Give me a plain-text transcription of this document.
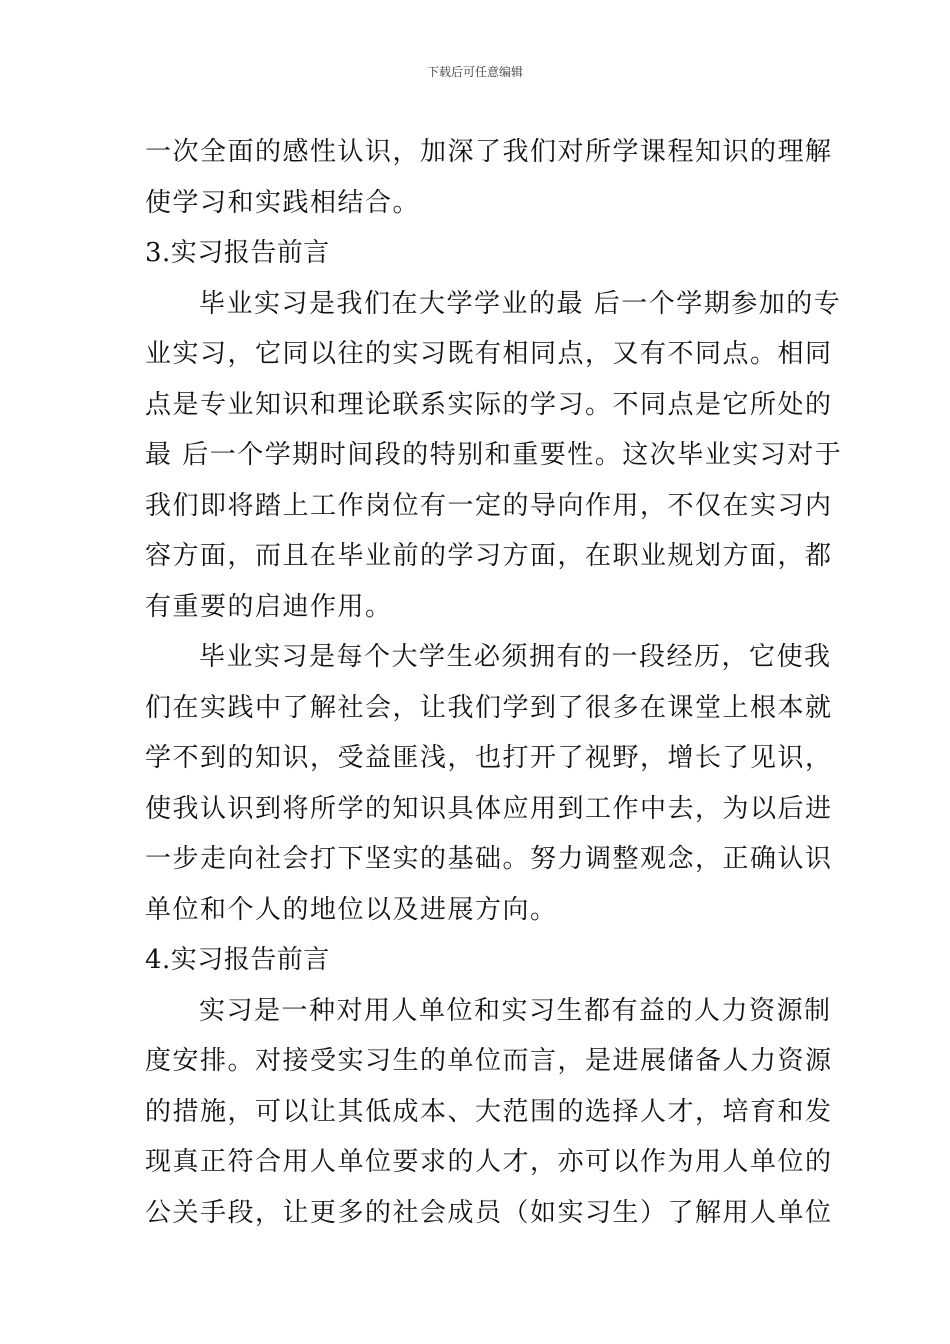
下载后可任意编辑
一次全面的感性认识，加深了我们对所学课程知识的理解
使学习和实践相结合。
3.实习报告前言
毕业实习是我们在大学学业的最 后一个学期参加的专
业实习，它同以往的实习既有相同点，又有不同点。相同
点是专业知识和理论联系实际的学习。不同点是它所处的
最 后一个学期时间段的特别和重要性。这次毕业实习对于
我们即将踏上工作岗位有一定的导向作用，不仅在实习内
容方面，而且在毕业前的学习方面，在职业规划方面，都
有重要的启迪作用。
毕业实习是每个大学生必须拥有的一段经历，它使我
们在实践中了解社会，让我们学到了很多在课堂上根本就
学不到的知识，受益匪浅，也打开了视野，增长了见识，
使我认识到将所学的知识具体应用到工作中去，为以后进
一步走向社会打下坚实的基础。努力调整观念，正确认识
单位和个人的地位以及进展方向。
4.实习报告前言
实习是一种对用人单位和实习生都有益的人力资源制
度安排。对接受实习生的单位而言，是进展储备人力资源
的措施，可以让其低成本、大范围的选择人才，培育和发
现真正符合用人单位要求的人才，亦可以作为用人单位的
公关手段，让更多的社会成员（如实习生）了解用人单位
